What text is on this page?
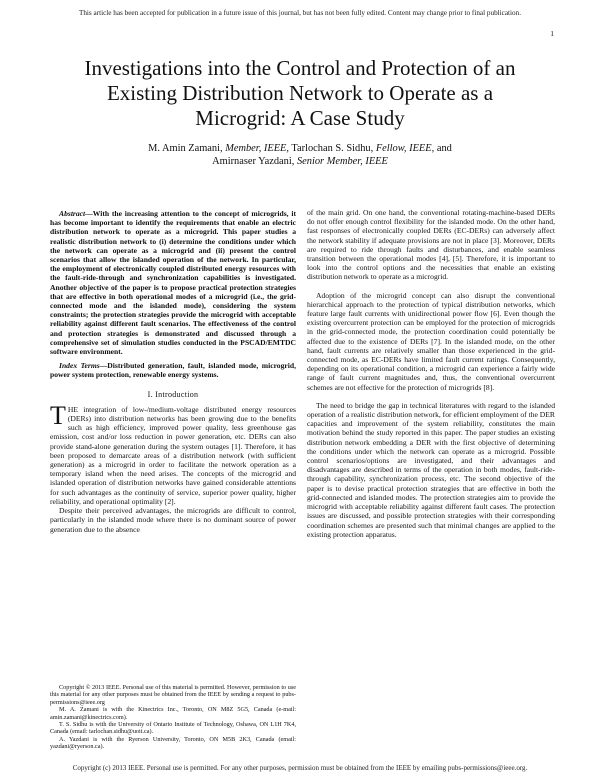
This article has been accepted for publication in a future issue of this journal, but has not been fully edited. Content may change prior to final publication.
1
Investigations into the Control and Protection of an
Existing Distribution Network to Operate as a
Microgrid: A Case Study
M. Amin Zamani, Member, IEEE, Tarlochan S. Sidhu, Fellow, IEEE, and
Amirnaser Yazdani, Senior Member, IEEE

Abstract—With the increasing attention to the concept of microgrids, it has become important to identify the requirements that enable an electric distribution network to operate as a microgrid. This paper studies a realistic distribution network to (i) determine the conditions under which the network can operate as a microgrid and (ii) present the control scenarios that allow the islanded operation of the network. In particular, the employment of electronically coupled distributed energy resources with the fault-ride-through and synchronization capabilities is investigated. Another objective of the paper is to propose practical protection strategies that are effective in both operational modes of a microgrid (i.e., the grid-connected mode and the islanded mode), considering the system constraints; the protection strategies provide the microgrid with acceptable reliability against different fault scenarios. The effectiveness of the control and protection strategies is demonstrated and discussed through a comprehensive set of simulation studies conducted in the PSCAD/EMTDC software environment.

Index Terms—Distributed generation, fault, islanded mode, microgrid, power system protection, renewable energy systems.

I. Introduction

THE integration of low-/medium-voltage distributed energy resources (DERs) into distribution networks has been growing due to the benefits such as high efficiency, improved power quality, less greenhouse gas emission, cost and/or loss reduction in power generation, etc. DERs can also provide stand-alone generation during the system outages [1]. Therefore, it has been proposed to demarcate areas of a distribution network (with sufficient generation) as a microgrid in order to facilitate the network operation as a temporary island when the need arises. The concepts of the microgrid and islanded operation of distribution networks have gained considerable attentions for such advantages as the continuity of service, superior power quality, higher reliability, and operational optimality [2].

Despite their perceived advantages, the microgrids are difficult to control, particularly in the islanded mode where there is no dominant source of power generation due to the absence

Copyright © 2013 IEEE. Personal use of this material is permitted. However, permission to use this material for any other purposes must be obtained from the IEEE by sending a request to pubs-permissions@ieee.org

M. A. Zamani is with the Kinectrics Inc., Toronto, ON M8Z 5G5, Canada (e-mail: amin.zamani@kinectrics.com).

T. S. Sidhu is with the University of Ontario Institute of Technology, Oshawa, ON L1H 7K4, Canada (email: tarlochan.sidhu@uoit.ca).

A. Yazdani is with the Ryerson University, Toronto, ON M5B 2K3, Canada (email: yazdani@ryerson.ca).

of the main grid. On one hand, the conventional rotating-machine-based DERs do not offer enough control flexibility for the islanded mode. On the other hand, fast responses of electronically coupled DERs (EC-DERs) can adversely affect the network stability if adequate provisions are not in place [3]. Moreover, DERs are required to ride through faults and disturbances, and enable seamless transition between the operational modes [4], [5]. Therefore, it is important to look into the control options and the necessities that enable an existing distribution network to operate as a microgrid.

Adoption of the microgrid concept can also disrupt the conventional hierarchical approach to the protection of typical distribution networks, which feature large fault currents with unidirectional power flow [6]. Even though the existing overcurrent protection can be employed for the protection of microgrids in the grid-connected mode, the protection coordination could potentially be affected due to the existence of DERs [7]. In the islanded mode, on the other hand, fault currents are relatively smaller than those experienced in the grid-connected mode, as EC-DERs have limited fault current ratings. Consequently, depending on its operational condition, a microgrid can experience a fairly wide range of fault current magnitudes and, thus, the conventional overcurrent schemes are not effective for the protection of microgrids [8].

The need to bridge the gap in technical literatures with regard to the islanded operation of a realistic distribution network, for efficient employment of the DER capacities and improvement of the system reliability, constitutes the main motivation behind the study reported in this paper. The paper studies an existing distribution network embedding a DER with the first objective of determining the conditions under which the network can operate as a microgrid. Possible control scenarios/options are investigated, and their advantages and disadvantages are described in terms of the operation in both modes, fault-ride-through capability, synchronization process, etc. The second objective of the paper is to devise practical protection strategies that are effective in both the grid-connected and islanded modes. The protection strategies aim to provide the microgrid with acceptable reliability against different fault cases. The protection issues are discussed, and possible protection strategies with their corresponding coordination schemes are presented such that minimal changes are applied to the existing protection apparatus.

Copyright (c) 2013 IEEE. Personal use is permitted. For any other purposes, permission must be obtained from the IEEE by emailing pubs-permissions@ieee.org.
